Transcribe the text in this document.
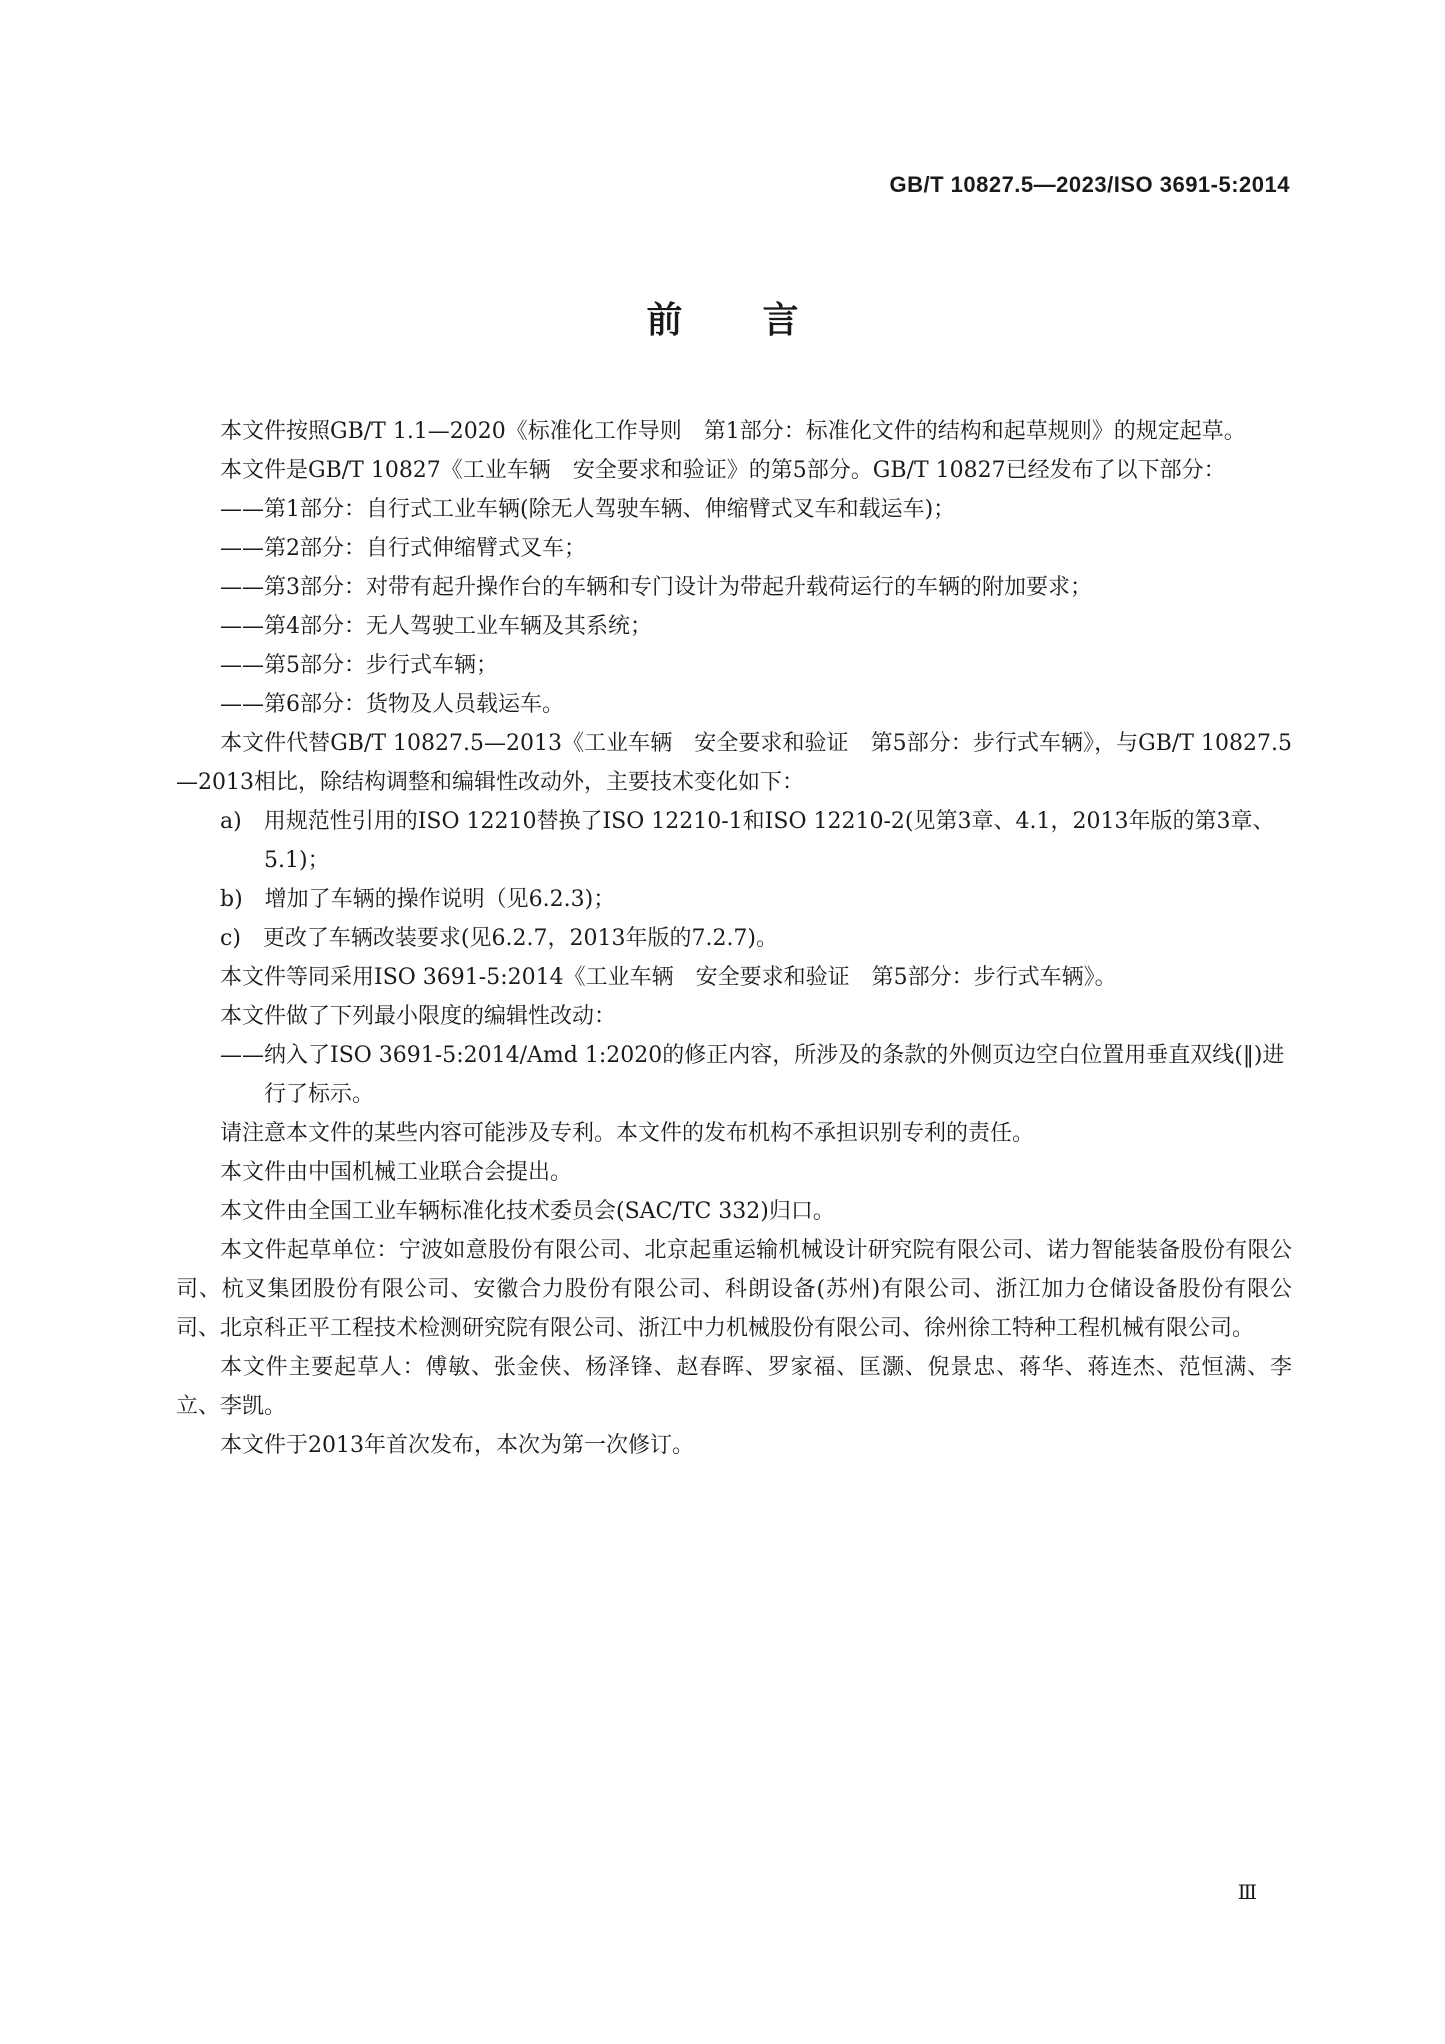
GB/T 10827.5—2023/ISO 3691-5:2014
前言

本文件按照GB/T 1.1—2020《标准化工作导则　第1部分：标准化文件的结构和起草规则》的规定起草。

本文件是GB/T 10827《工业车辆　安全要求和验证》的第5部分。GB/T 10827已经发布了以下部分：

——第1部分：自行式工业车辆(除无人驾驶车辆、伸缩臂式叉车和载运车)；

——第2部分：自行式伸缩臂式叉车；

——第3部分：对带有起升操作台的车辆和专门设计为带起升载荷运行的车辆的附加要求；

——第4部分：无人驾驶工业车辆及其系统；

——第5部分：步行式车辆；

——第6部分：货物及人员载运车。

本文件代替GB/T 10827.5—2013《工业车辆　安全要求和验证　第5部分：步行式车辆》，与GB/T 10827.5—2013相比，除结构调整和编辑性改动外，主要技术变化如下：

a)　用规范性引用的ISO 12210替换了ISO 12210-1和ISO 12210-2(见第3章、4.1，2013年版的第3章、5.1)；

b)　增加了车辆的操作说明（见6.2.3)；

c)　更改了车辆改装要求(见6.2.7，2013年版的7.2.7)。

本文件等同采用ISO 3691-5:2014《工业车辆　安全要求和验证　第5部分：步行式车辆》。

本文件做了下列最小限度的编辑性改动：

——纳入了ISO 3691-5:2014/Amd 1:2020的修正内容，所涉及的条款的外侧页边空白位置用垂直双线(‖)进行了标示。

请注意本文件的某些内容可能涉及专利。本文件的发布机构不承担识别专利的责任。

本文件由中国机械工业联合会提出。

本文件由全国工业车辆标准化技术委员会(SAC/TC 332)归口。

本文件起草单位：宁波如意股份有限公司、北京起重运输机械设计研究院有限公司、诺力智能装备股份有限公司、杭叉集团股份有限公司、安徽合力股份有限公司、科朗设备(苏州)有限公司、浙江加力仓储设备股份有限公司、北京科正平工程技术检测研究院有限公司、浙江中力机械股份有限公司、徐州徐工特种工程机械有限公司。

本文件主要起草人：傅敏、张金侠、杨泽锋、赵春晖、罗家福、匡灏、倪景忠、蒋华、蒋连杰、范恒满、李立、李凯。

本文件于2013年首次发布，本次为第一次修订。

Ⅲ
